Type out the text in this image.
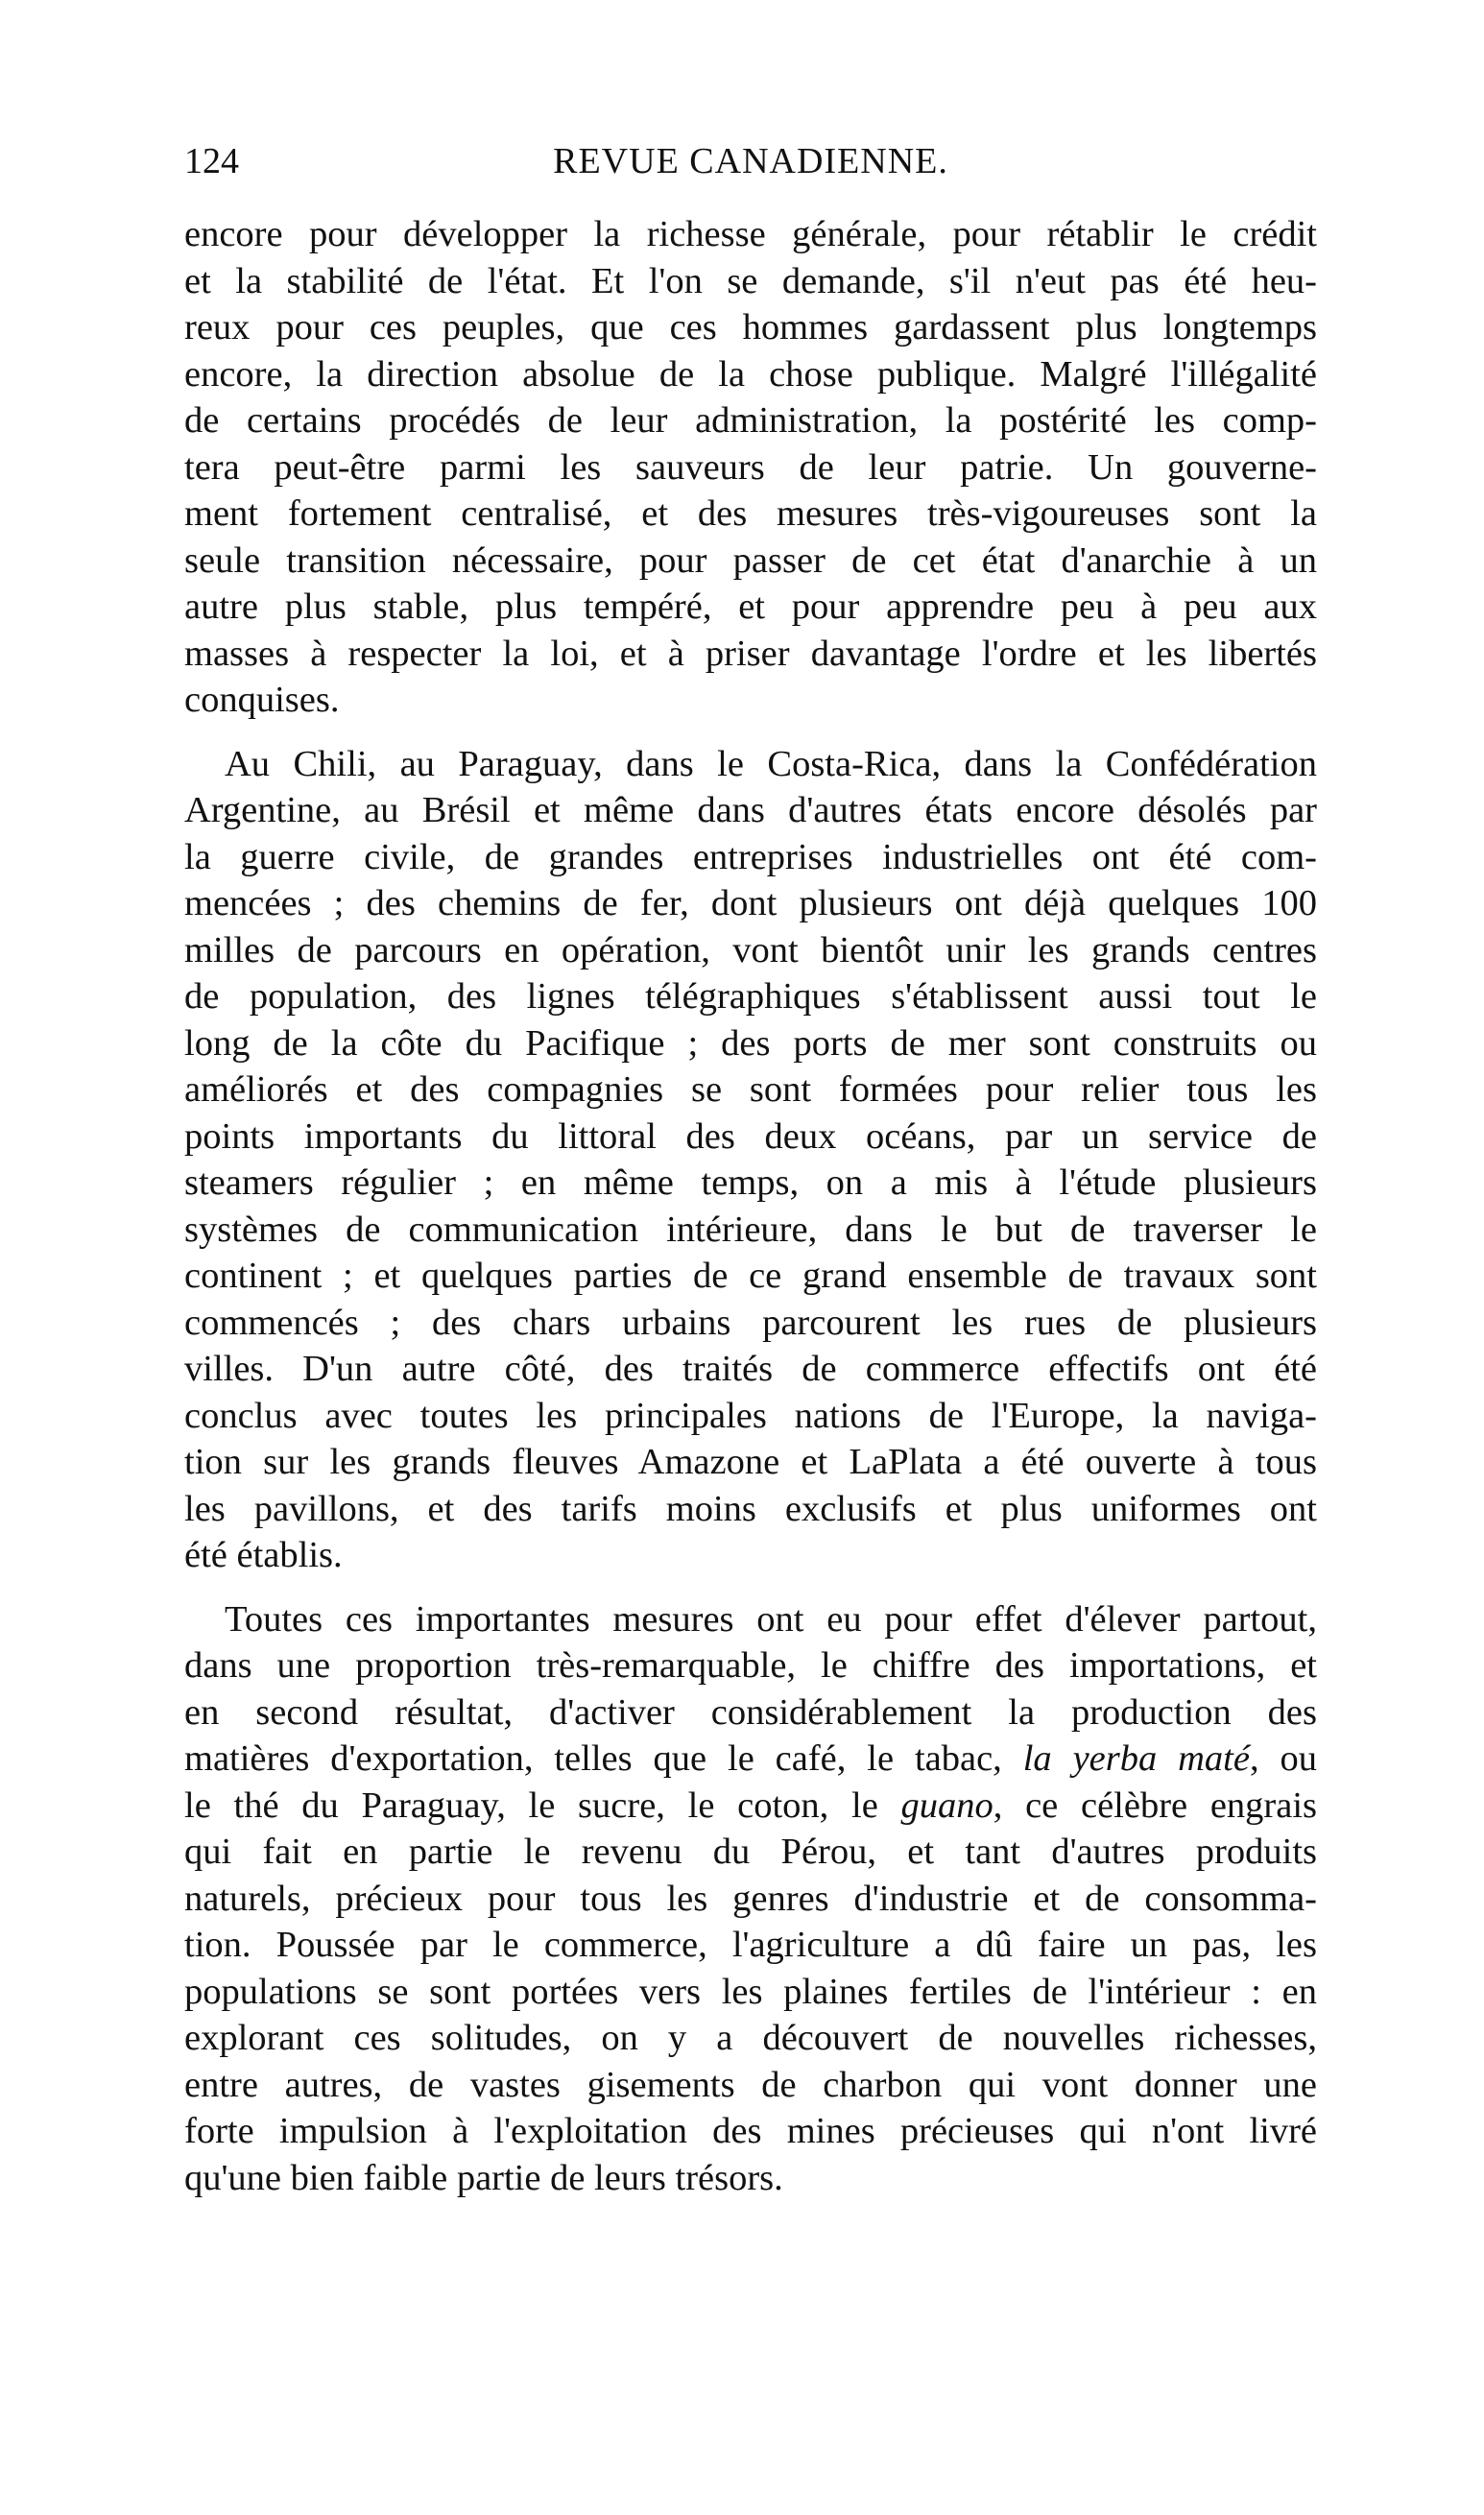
124	REVUE CANADIENNE.
encore pour développer la richesse générale, pour rétablir le crédit
et la stabilité de l'état. Et l'on se demande, s'il n'eut pas été heu-
reux pour ces peuples, que ces hommes gardassent plus longtemps
encore, la direction absolue de la chose publique. Malgré l'illégalité
de certains procédés de leur administration, la postérité les comp-
tera peut-être parmi les sauveurs de leur patrie. Un gouverne-
ment fortement centralisé, et des mesures très-vigoureuses sont la
seule transition nécessaire, pour passer de cet état d'anarchie à un
autre plus stable, plus tempéré, et pour apprendre peu à peu aux
masses à respecter la loi, et à priser davantage l'ordre et les libertés
conquises.
Au Chili, au Paraguay, dans le Costa-Rica, dans la Confédération
Argentine, au Brésil et même dans d'autres états encore désolés par
la guerre civile, de grandes entreprises industrielles ont été com-
mencées ; des chemins de fer, dont plusieurs ont déjà quelques 100
milles de parcours en opération, vont bientôt unir les grands centres
de population, des lignes télégraphiques s'établissent aussi tout le
long de la côte du Pacifique ; des ports de mer sont construits ou
améliorés et des compagnies se sont formées pour relier tous les
points importants du littoral des deux océans, par un service de
steamers régulier ; en même temps, on a mis à l'étude plusieurs
systèmes de communication intérieure, dans le but de traverser le
continent ; et quelques parties de ce grand ensemble de travaux sont
commencés ; des chars urbains parcourent les rues de plusieurs
villes. D'un autre côté, des traités de commerce effectifs ont été
conclus avec toutes les principales nations de l'Europe, la naviga-
tion sur les grands fleuves Amazone et LaPlata a été ouverte à tous
les pavillons, et des tarifs moins exclusifs et plus uniformes ont
été établis.
Toutes ces importantes mesures ont eu pour effet d'élever partout,
dans une proportion très-remarquable, le chiffre des importations, et
en second résultat, d'activer considérablement la production des
matières d'exportation, telles que le café, le tabac, la yerba maté, ou
le thé du Paraguay, le sucre, le coton, le guano, ce célèbre engrais
qui fait en partie le revenu du Pérou, et tant d'autres produits
naturels, précieux pour tous les genres d'industrie et de consomma-
tion. Poussée par le commerce, l'agriculture a dû faire un pas, les
populations se sont portées vers les plaines fertiles de l'intérieur : en
explorant ces solitudes, on y a découvert de nouvelles richesses,
entre autres, de vastes gisements de charbon qui vont donner une
forte impulsion à l'exploitation des mines précieuses qui n'ont livré
qu'une bien faible partie de leurs trésors.
